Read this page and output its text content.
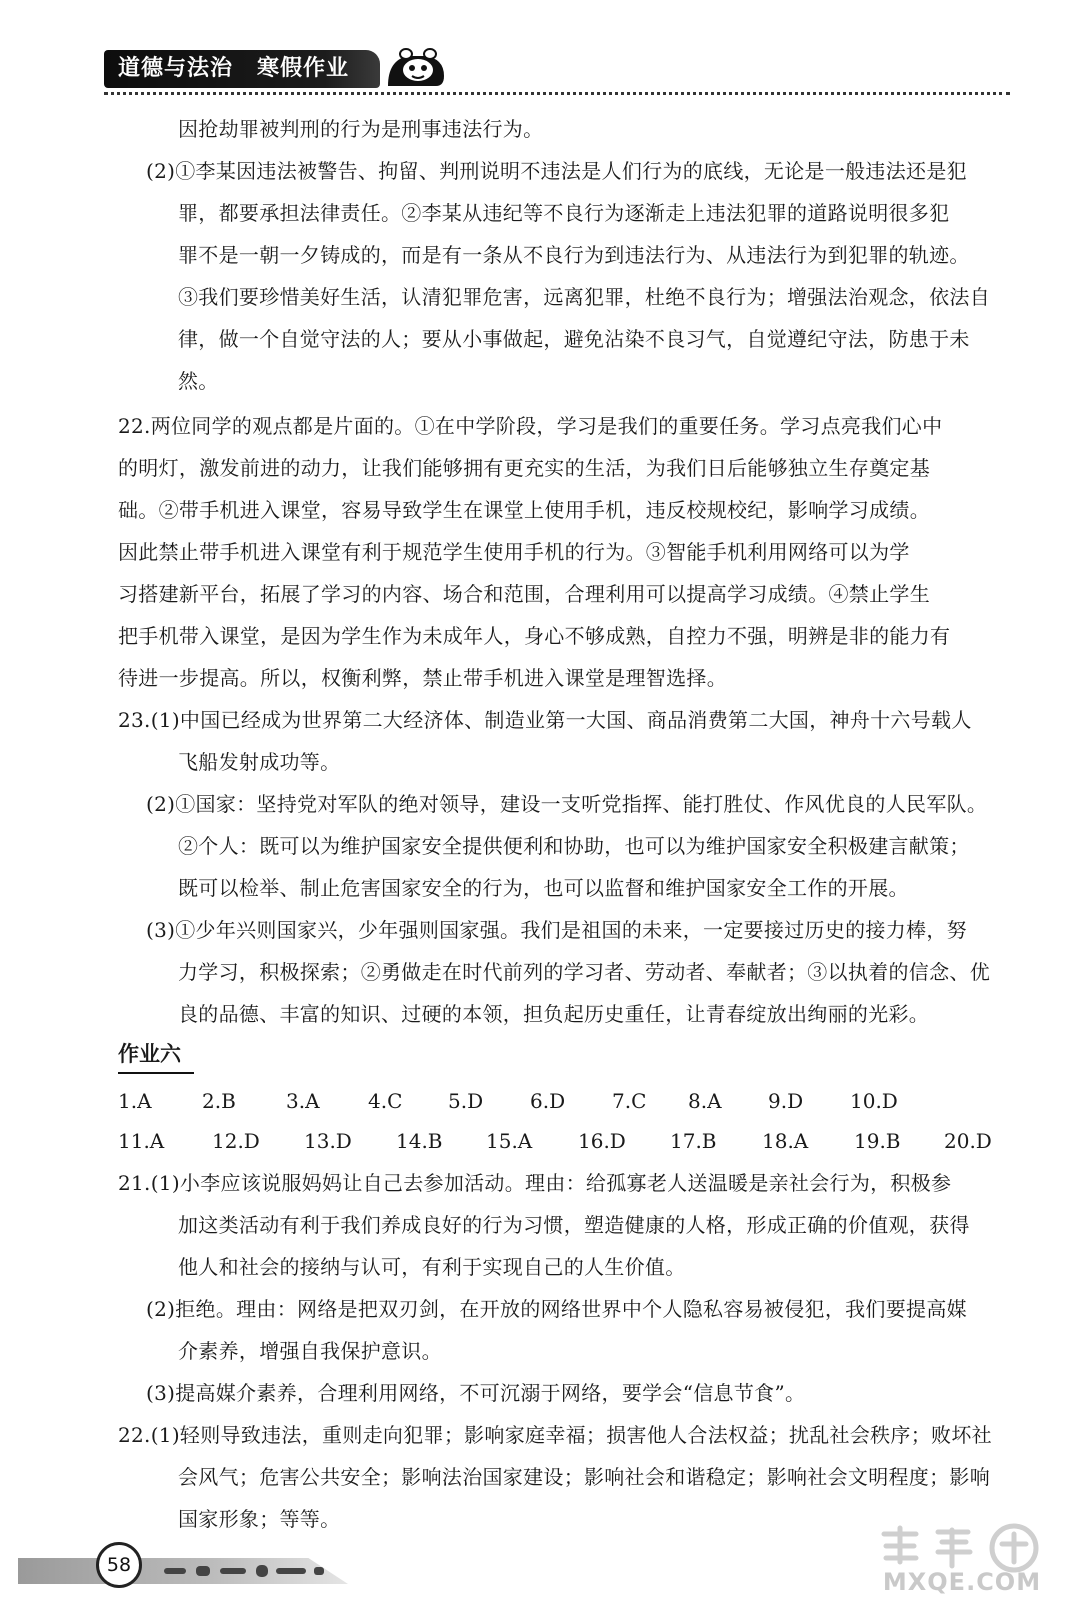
道德与法治 寒假作业
因抢劫罪被判刑的行为是刑事违法行为。
(2)①李某因违法被警告、拘留、判刑说明不违法是人们行为的底线，无论是一般违法还是犯
罪，都要承担法律责任。②李某从违纪等不良行为逐渐走上违法犯罪的道路说明很多犯
罪不是一朝一夕铸成的，而是有一条从不良行为到违法行为、从违法行为到犯罪的轨迹。
③我们要珍惜美好生活，认清犯罪危害，远离犯罪，杜绝不良行为；增强法治观念，依法自
律，做一个自觉守法的人；要从小事做起，避免沾染不良习气，自觉遵纪守法，防患于未
然。
22.两位同学的观点都是片面的。①在中学阶段，学习是我们的重要任务。学习点亮我们心中
的明灯，激发前进的动力，让我们能够拥有更充实的生活，为我们日后能够独立生存奠定基
础。②带手机进入课堂，容易导致学生在课堂上使用手机，违反校规校纪，影响学习成绩。
因此禁止带手机进入课堂有利于规范学生使用手机的行为。③智能手机利用网络可以为学
习搭建新平台，拓展了学习的内容、场合和范围，合理利用可以提高学习成绩。④禁止学生
把手机带入课堂，是因为学生作为未成年人，身心不够成熟，自控力不强，明辨是非的能力有
待进一步提高。所以，权衡利弊，禁止带手机进入课堂是理智选择。
23.(1)中国已经成为世界第二大经济体、制造业第一大国、商品消费第二大国，神舟十六号载人
飞船发射成功等。
(2)①国家：坚持党对军队的绝对领导，建设一支听党指挥、能打胜仗、作风优良的人民军队。
②个人：既可以为维护国家安全提供便利和协助，也可以为维护国家安全积极建言献策；
既可以检举、制止危害国家安全的行为，也可以监督和维护国家安全工作的开展。
(3)①少年兴则国家兴，少年强则国家强。我们是祖国的未来，一定要接过历史的接力棒，努
力学习，积极探索；②勇做走在时代前列的学习者、劳动者、奉献者；③以执着的信念、优
良的品德、丰富的知识、过硬的本领，担负起历史重任，让青春绽放出绚丽的光彩。
作业六
1.A	2.B	3.A 4.C 5.D 6.D 7.C 8.A 9.D 10.D
11.A 12.D 13.D 14.B 15.A 16.D 17.B 18.A 19.B 20.D
21.(1)小李应该说服妈妈让自己去参加活动。理由：给孤寡老人送温暖是亲社会行为，积极参
加这类活动有利于我们养成良好的行为习惯，塑造健康的人格，形成正确的价值观，获得
他人和社会的接纳与认可，有利于实现自己的人生价值。
(2)拒绝。理由：网络是把双刃剑，在开放的网络世界中个人隐私容易被侵犯，我们要提高媒
介素养，增强自我保护意识。
(3)提高媒介素养，合理利用网络，不可沉溺于网络，要学会“信息节食”。
22.(1)轻则导致违法，重则走向犯罪；影响家庭幸福；损害他人合法权益；扰乱社会秩序；败坏社
会风气；危害公共安全；影响法治国家建设；影响社会和谐稳定；影响社会文明程度；影响
国家形象；等等。
58
MXQE.COM
